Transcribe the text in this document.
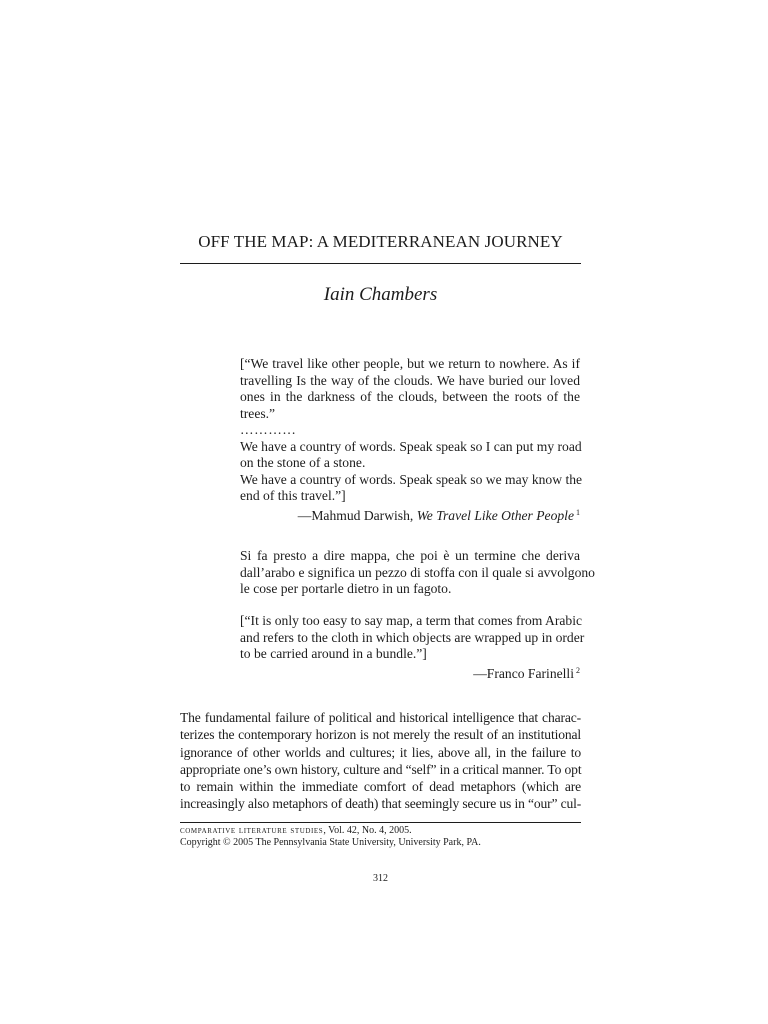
OFF THE MAP: A MEDITERRANEAN JOURNEY

Iain Chambers

[“We travel like other people, but we return to nowhere. As if
travelling Is the way of the clouds. We have buried our loved
ones in the darkness of the clouds, between the roots of the
trees.”
…………
We have a country of words. Speak speak so I can put my road
on the stone of a stone.
We have a country of words. Speak speak so we may know the
end of this travel.”]
—Mahmud Darwish, We Travel Like Other People $^1$
Si fa presto a dire mappa, che poi è un termine che deriva
dall’arabo e significa un pezzo di stoffa con il quale si avvolgono
le cose per portarle dietro in un fagoto.
[“It is only too easy to say map, a term that comes from Arabic
and refers to the cloth in which objects are wrapped up in order
to be carried around in a bundle.”]
—Franco Farinelli $^2$
The fundamental failure of political and historical intelligence that charac-
terizes the contemporary horizon is not merely the result of an institutional
ignorance of other worlds and cultures; it lies, above all, in the failure to
appropriate one’s own history, culture and “self” in a critical manner. To opt
to remain within the immediate comfort of dead metaphors (which are
increasingly also metaphors of death) that seemingly secure us in “our” cul-
comparative literature studies, Vol. 42, No. 4, 2005.
Copyright © 2005 The Pennsylvania State University, University Park, PA.
312
